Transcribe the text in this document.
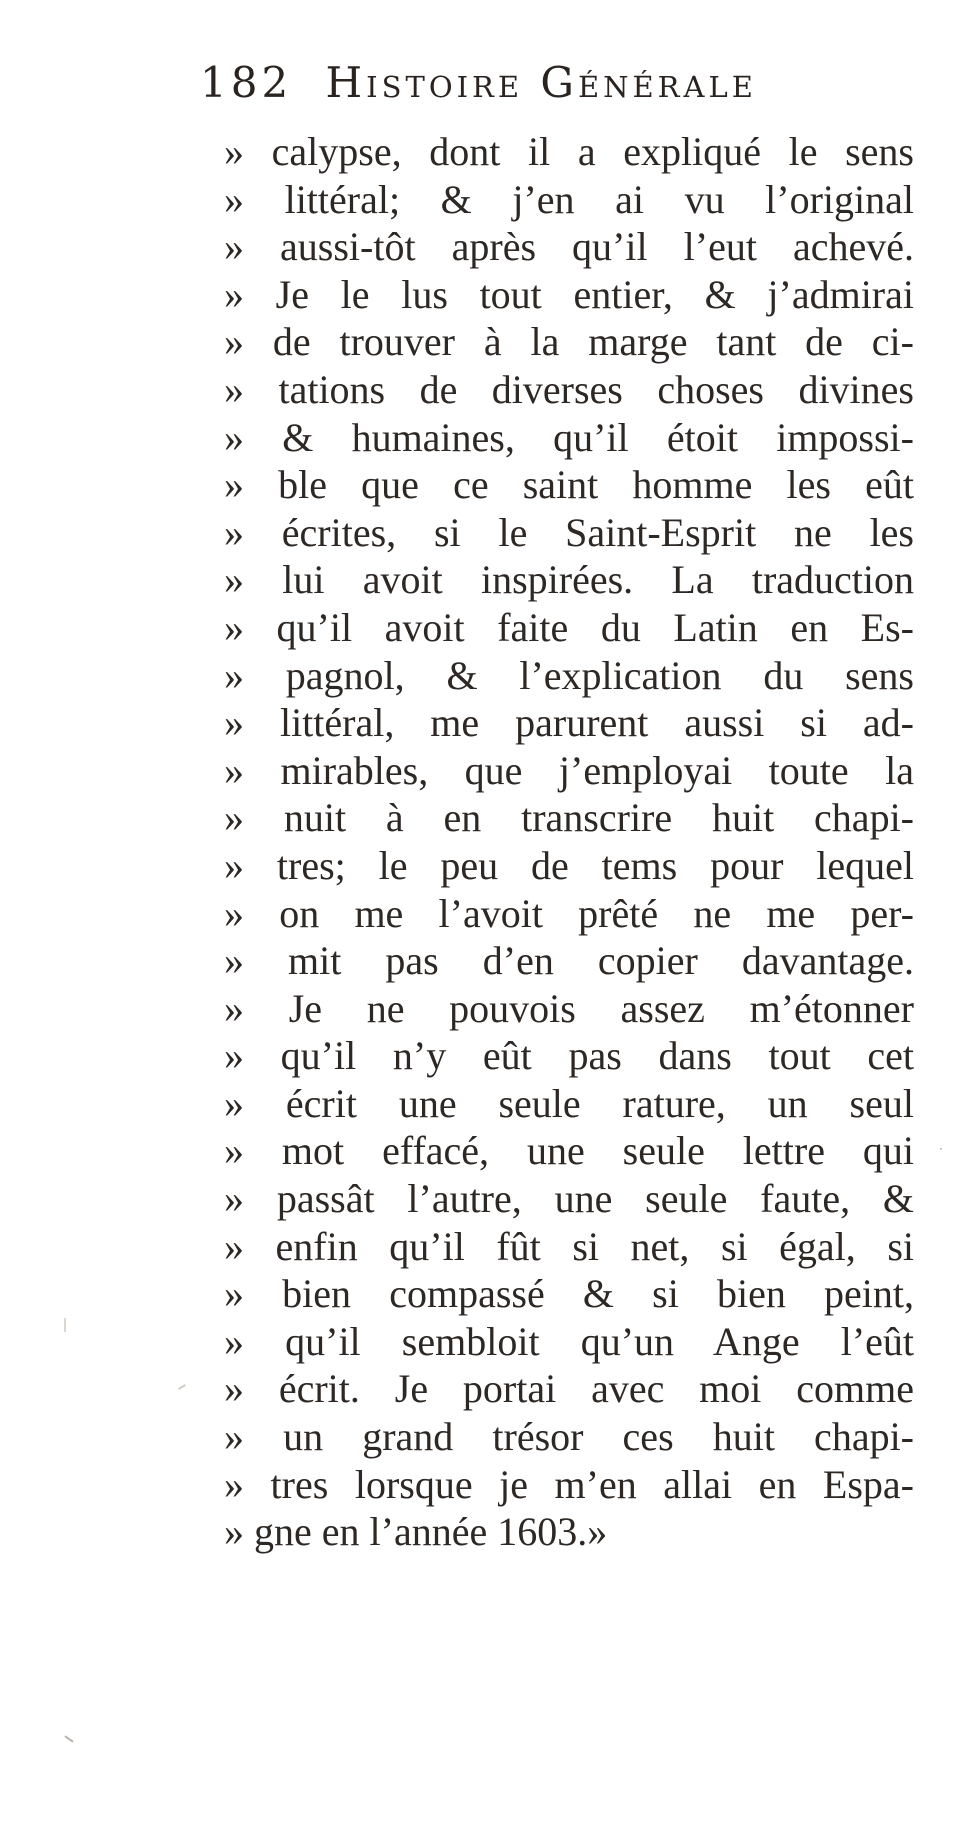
182 Histoire Générale
» calypse, dont il a expliqué le sens
» littéral; & j’en ai vu l’original
» aussi-tôt après qu’il l’eut achevé.
» Je le lus tout entier, & j’admirai
» de trouver à la marge tant de ci-
» tations de diverses choses divines
» & humaines, qu’il étoit impossi-
» ble que ce saint homme les eût
» écrites, si le Saint-Esprit ne les
» lui avoit inspirées. La traduction
» qu’il avoit faite du Latin en Es-
» pagnol, & l’explication du sens
» littéral, me parurent aussi si ad-
» mirables, que j’employai toute la
» nuit à en transcrire huit chapi-
» tres; le peu de tems pour lequel
» on me l’avoit prêté ne me per-
» mit pas d’en copier davantage.
» Je ne pouvois assez m’étonner
» qu’il n’y eût pas dans tout cet
» écrit une seule rature, un seul
» mot effacé, une seule lettre qui
» passât l’autre, une seule faute, &
» enfin qu’il fût si net, si égal, si
» bien compassé & si bien peint,
» qu’il sembloit qu’un Ange l’eût
» écrit. Je portai avec moi comme
» un grand trésor ces huit chapi-
» tres lorsque je m’en allai en Espa-
» gne en l’année 1603.»
